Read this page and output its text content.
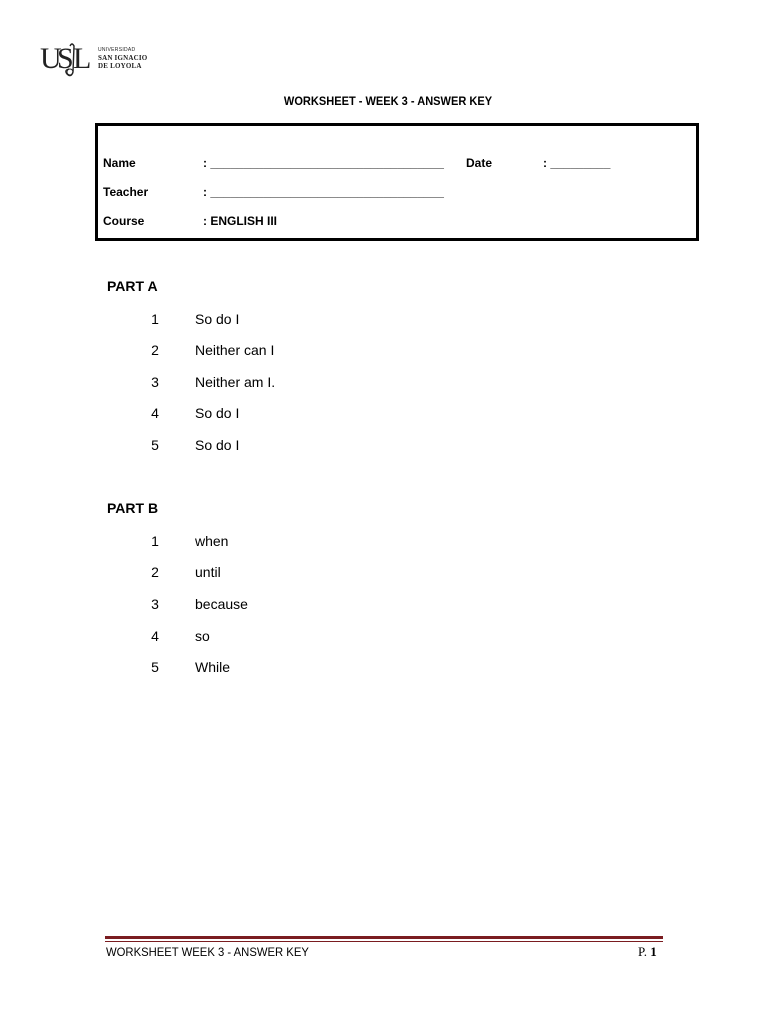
U
S L UNIVERSIDAD
SAN IGNACIO
DE LOYOLA
WORKSHEET - WEEK 3 - ANSWER KEY
Name	: ___________________________________ Date	: _________
Teacher	: ___________________________________
Course	: ENGLISH III
PART A
1	So do I
2	Neither can I
3	Neither am I.
4	So do I
5	So do I
PART B
1	when
2	until
3	because
4	so
5	While
WORKSHEET WEEK 3 - ANSWER KEY	P. 1
